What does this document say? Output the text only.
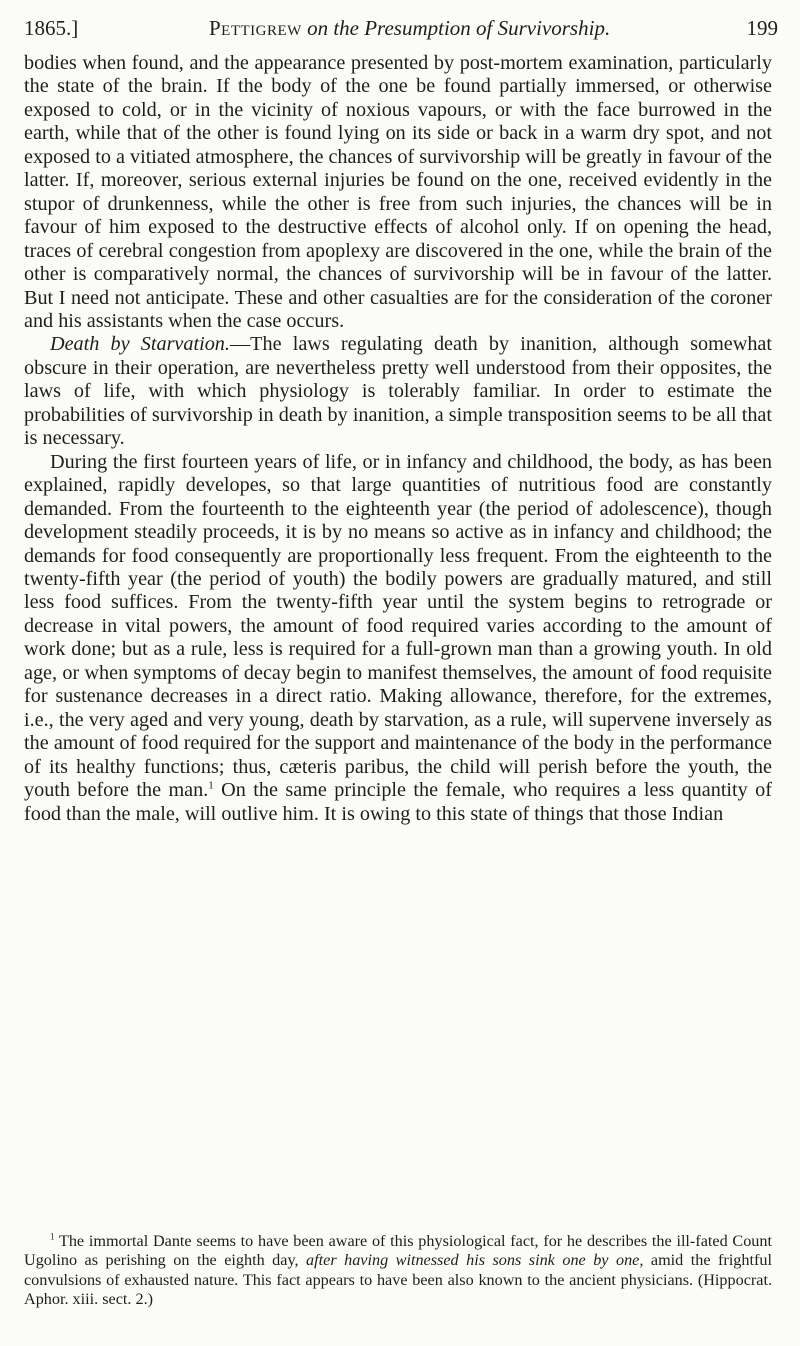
1865.]	Pettigrew on the Presumption of Survivorship.	199

bodies when found, and the appearance presented by post-mortem examination, particularly the state of the brain. If the body of the one be found partially immersed, or otherwise exposed to cold, or in the vicinity of noxious vapours, or with the face burrowed in the earth, while that of the other is found lying on its side or back in a warm dry spot, and not exposed to a vitiated atmosphere, the chances of survivorship will be greatly in favour of the latter. If, moreover, serious external injuries be found on the one, received evidently in the stupor of drunkenness, while the other is free from such injuries, the chances will be in favour of him exposed to the destructive effects of alcohol only. If on opening the head, traces of cerebral congestion from apoplexy are discovered in the one, while the brain of the other is comparatively normal, the chances of survivorship will be in favour of the latter. But I need not anticipate. These and other casualties are for the consideration of the coroner and his assistants when the case occurs.

Death by Starvation.—The laws regulating death by inanition, although somewhat obscure in their operation, are nevertheless pretty well understood from their opposites, the laws of life, with which physiology is tolerably familiar. In order to estimate the probabilities of survivorship in death by inanition, a simple transposition seems to be all that is necessary.

During the first fourteen years of life, or in infancy and childhood, the body, as has been explained, rapidly developes, so that large quantities of nutritious food are constantly demanded. From the fourteenth to the eighteenth year (the period of adolescence), though development steadily proceeds, it is by no means so active as in infancy and childhood; the demands for food consequently are proportionally less frequent. From the eighteenth to the twenty-fifth year (the period of youth) the bodily powers are gradually matured, and still less food suffices. From the twenty-fifth year until the system begins to retrograde or decrease in vital powers, the amount of food required varies according to the amount of work done; but as a rule, less is required for a full-grown man than a growing youth. In old age, or when symptoms of decay begin to manifest themselves, the amount of food requisite for sustenance decreases in a direct ratio. Making allowance, therefore, for the extremes, i.e., the very aged and very young, death by starvation, as a rule, will supervene inversely as the amount of food required for the support and maintenance of the body in the performance of its healthy functions; thus, cæteris paribus, the child will perish before the youth, the youth before the man.$^1$ On the same principle the female, who requires a less quantity of food than the male, will outlive him. It is owing to this state of things that those Indian

$^1$ The immortal Dante seems to have been aware of this physiological fact, for he describes the ill-fated Count Ugolino as perishing on the eighth day, after having witnessed his sons sink one by one, amid the frightful convulsions of exhausted nature. This fact appears to have been also known to the ancient physicians. (Hippocrat. Aphor. xiii. sect. 2.)
